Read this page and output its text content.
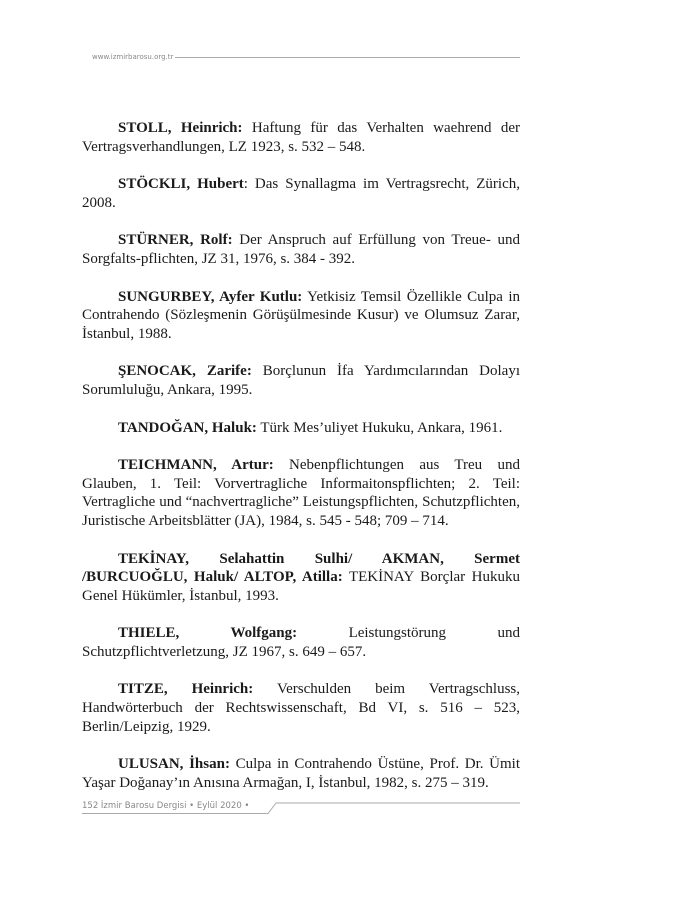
www.izmirbarosu.org.tr

STOLL, Heinrich: Haftung für das Verhalten waehrend der Vertragsverhandlungen, LZ 1923, s. 532 – 548.

STÖCKLI, Hubert: Das Synallagma im Vertragsrecht, Zürich, 2008.

STÜRNER, Rolf: Der Anspruch auf Erfüllung von Treue- und Sorgfalts-pflichten, JZ 31, 1976, s. 384 - 392.

SUNGURBEY, Ayfer Kutlu: Yetkisiz Temsil Özellikle Culpa in Contrahendo (Sözleşmenin Görüşülmesinde Kusur) ve Olumsuz Zarar, İstanbul, 1988.

ŞENOCAK, Zarife: Borçlunun İfa Yardımcılarından Dolayı Sorumluluğu, Ankara, 1995.

TANDOĞAN, Haluk: Türk Mes’uliyet Hukuku, Ankara, 1961.

TEICHMANN, Artur: Nebenpflichtungen aus Treu und Glauben, 1. Teil: Vorvertragliche Informaitonspflichten; 2. Teil: Vertragliche und “nachvertragliche” Leistungspflichten, Schutzpflichten, Juristische Arbeitsblätter (JA), 1984, s. 545 - 548; 709 – 714.

TEKİNAY, Selahattin Sulhi/ AKMAN, Sermet /BURCUOĞLU, Haluk/ ALTOP, Atilla: TEKİNAY Borçlar Hukuku Genel Hükümler, İstanbul, 1993.

THIELE, Wolfgang: Leistungstörung und Schutzpflichtverletzung, JZ 1967, s. 649 – 657.

TITZE, Heinrich: Verschulden beim Vertragschluss, Handwörterbuch der Rechtswissenschaft, Bd VI, s. 516 – 523, Berlin/Leipzig, 1929.

ULUSAN, İhsan: Culpa in Contrahendo Üstüne, Prof. Dr. Ümit Yaşar Doğanay’ın Anısına Armağan, I, İstanbul, 1982, s. 275 – 319.

152 İzmir Barosu Dergisi • Eylül 2020 •
